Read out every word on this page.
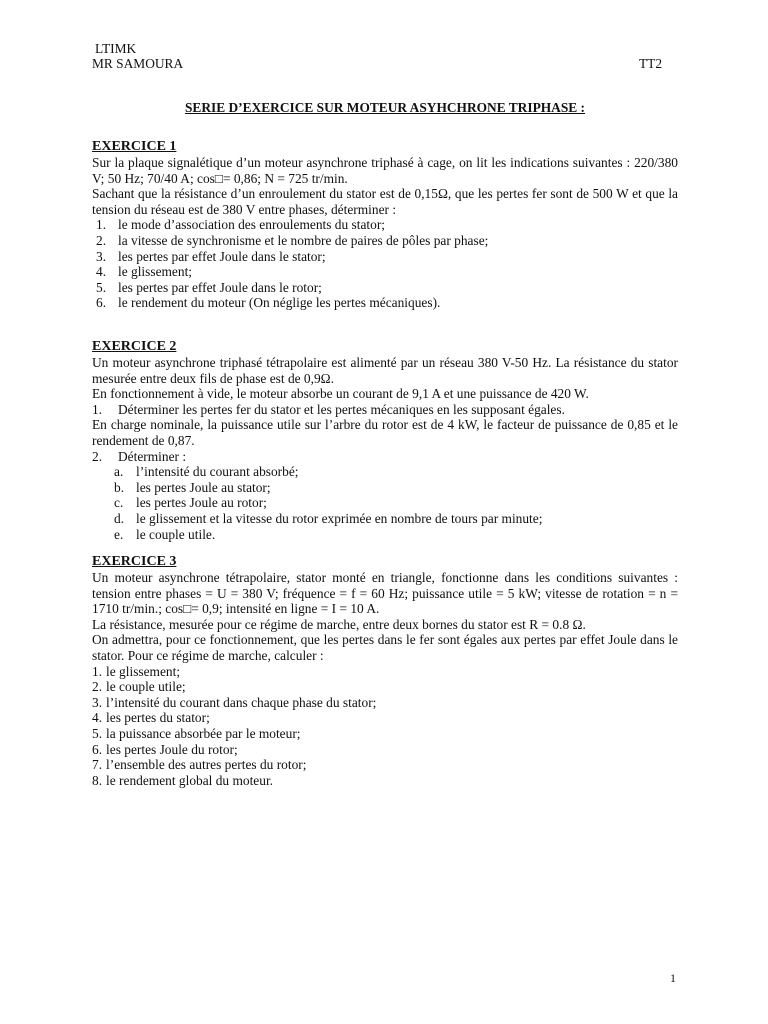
LTIMK
MR SAMOURA	TT2
SERIE D’EXERCICE SUR MOTEUR ASYHCHRONE TRIPHASE :
EXERCICE 1
Sur la plaque signalétique d’un moteur asynchrone triphasé à cage, on lit les indications suivantes : 220/380 V; 50 Hz; 70/40 A; cos□= 0,86; N = 725 tr/min.
Sachant que la résistance d’un enroulement du stator est de 0,15Ω, que les pertes fer sont de 500 W et que la tension du réseau est de 380 V entre phases, déterminer :
1. le mode d’association des enroulements du stator;
2. la vitesse de synchronisme et le nombre de paires de pôles par phase;
3. les pertes par effet Joule dans le stator;
4. le glissement;
5. les pertes par effet Joule dans le rotor;
6. le rendement du moteur (On néglige les pertes mécaniques).
EXERCICE 2
Un moteur asynchrone triphasé tétrapolaire est alimenté par un réseau 380 V-50 Hz. La résistance du stator mesurée entre deux fils de phase est de 0,9Ω.
En fonctionnement à vide, le moteur absorbe un courant de 9,1 A et une puissance de 420 W.
1. Déterminer les pertes fer du stator et les pertes mécaniques en les supposant égales.
En charge nominale, la puissance utile sur l’arbre du rotor est de 4 kW, le facteur de puissance de 0,85 et le rendement de 0,87.
2. Déterminer :
a. l’intensité du courant absorbé;
b. les pertes Joule au stator;
c. les pertes Joule au rotor;
d. le glissement et la vitesse du rotor exprimée en nombre de tours par minute;
e. le couple utile.
EXERCICE 3
Un moteur asynchrone tétrapolaire, stator monté en triangle, fonctionne dans les conditions suivantes : tension entre phases = U = 380 V; fréquence = f = 60 Hz; puissance utile = 5 kW; vitesse de rotation = n = 1710 tr/min.; cos□= 0,9; intensité en ligne = I = 10 A.
La résistance, mesurée pour ce régime de marche, entre deux bornes du stator est R = 0.8 Ω.
On admettra, pour ce fonctionnement, que les pertes dans le fer sont égales aux pertes par effet Joule dans le stator. Pour ce régime de marche, calculer :
1. le glissement;
2. le couple utile;
3. l’intensité du courant dans chaque phase du stator;
4. les pertes du stator;
5. la puissance absorbée par le moteur;
6. les pertes Joule du rotor;
7. l’ensemble des autres pertes du rotor;
8. le rendement global du moteur.
1
